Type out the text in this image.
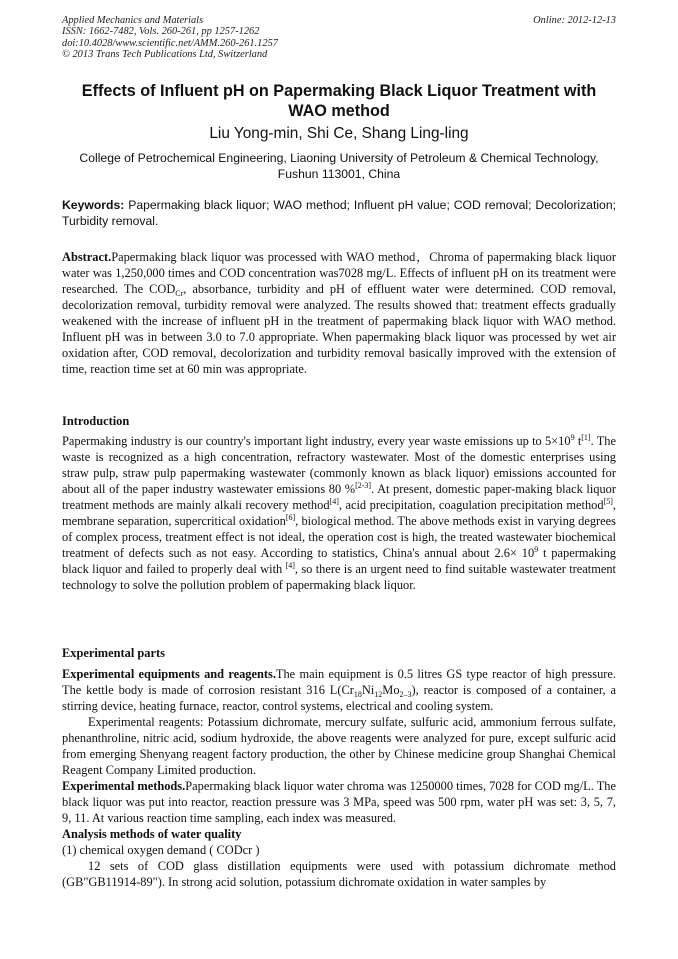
Applied Mechanics and Materials
ISSN: 1662-7482, Vols. 260-261, pp 1257-1262
doi:10.4028/www.scientific.net/AMM.260-261.1257
© 2013 Trans Tech Publications Ltd, Switzerland
Online: 2012-12-13
Effects of Influent pH on Papermaking Black Liquor Treatment with WAO method
Liu Yong-min, Shi Ce, Shang Ling-ling
College of Petrochemical Engineering, Liaoning University of Petroleum & Chemical Technology,
Fushun 113001, China
Keywords: Papermaking black liquor; WAO method; Influent pH value; COD removal; Decolorization; Turbidity removal.

Abstract.Papermaking black liquor was processed with WAO method，Chroma of papermaking black liquor water was 1,250,000 times and COD concentration was7028 mg/L. Effects of influent pH on its treatment were researched. The $COD_{Cr}$, absorbance, turbidity and pH of effluent water were determined. COD removal, decolorization removal, turbidity removal were analyzed. The results showed that: treatment effects gradually weakened with the increase of influent pH in the treatment of papermaking black liquor with WAO method. Influent pH was in between 3.0 to 7.0 appropriate. When papermaking black liquor was processed by wet air oxidation after, COD removal, decolorization and turbidity removal basically improved with the extension of time, reaction time set at 60 min was appropriate.

Introduction

Papermaking industry is our country's important light industry, every year waste emissions up to $5\times 10^9$ t[1]. The waste is recognized as a high concentration, refractory wastewater. Most of the domestic enterprises using straw pulp, straw pulp papermaking wastewater (commonly known as black liquor) emissions accounted for about all of the paper industry wastewater emissions 80 %[2-3]. At present, domestic paper-making black liquor treatment methods are mainly alkali recovery method[4], acid precipitation, coagulation precipitation method[5], membrane separation, supercritical oxidation[6], biological method. The above methods exist in varying degrees of complex process, treatment effect is not ideal, the operation cost is high, the treated wastewater biochemical treatment of defects such as not easy. According to statistics, China's annual about $2.6\times 10^9$ t papermaking black liquor and failed to properly deal with [4], so there is an urgent need to find suitable wastewater treatment technology to solve the pollution problem of papermaking black liquor.

Experimental parts

Experimental equipments and reagents.The main equipment is 0.5 litres GS type reactor of high pressure. The kettle body is made of corrosion resistant 316 $L(Cr_{18}Ni_{12}Mo_{2-3})$, reactor is composed of a container, a stirring device, heating furnace, reactor, control systems, electrical and cooling system.

Experimental reagents: Potassium dichromate, mercury sulfate, sulfuric acid, ammonium ferrous sulfate, phenanthroline, nitric acid, sodium hydroxide, the above reagents were analyzed for pure, except sulfuric acid from emerging Shenyang reagent factory production, the other by Chinese medicine group Shanghai Chemical Reagent Company Limited production.

Experimental methods.Papermaking black liquor water chroma was 1250000 times, 7028 for COD mg/L. The black liquor was put into reactor, reaction pressure was 3 MPa, speed was 500 rpm, water pH was set: 3, 5, 7, 9, 11. At various reaction time sampling, each index was measured.

Analysis methods of water quality

(1) chemical oxygen demand ( CODcr )

12 sets of COD glass distillation equipments were used with potassium dichromate method (GB"GB11914-89"). In strong acid solution, potassium dichromate oxidation in water samples by
